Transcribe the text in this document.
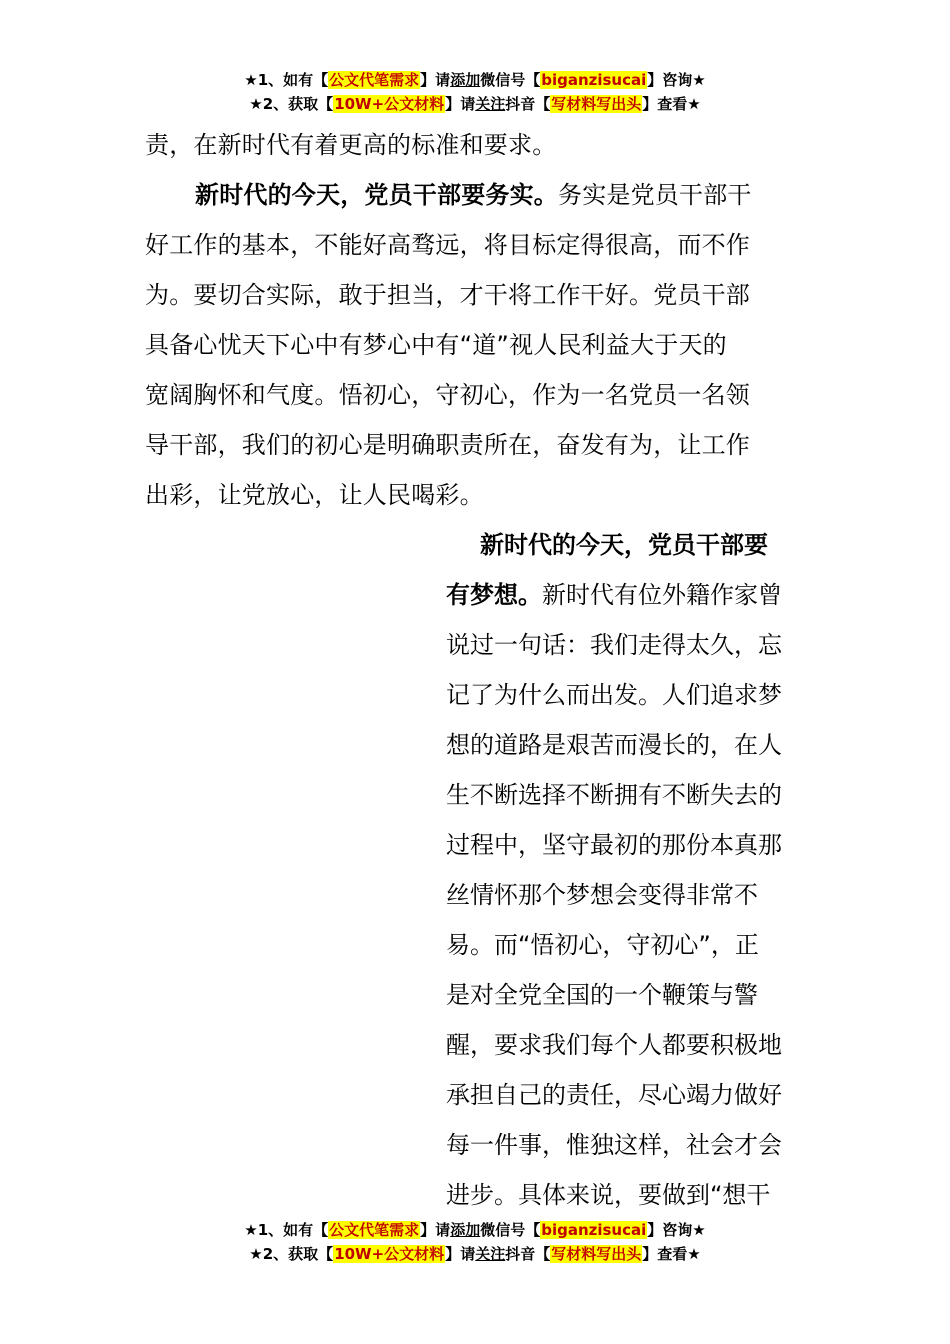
★1、如有【公文代笔需求】请添加微信号【biganzisucai】咨询★
★2、获取【10W+公文材料】请关注抖音【写材料写出头】查看★
责，在新时代有着更高的标准和要求。
新时代的今天，党员干部要务实。务实是党员干部干
好工作的基本，不能好高骛远，将目标定得很高，而不作
为。要切合实际，敢于担当，才干将工作干好。党员干部
具备心忧天下心中有梦心中有“道”视人民利益大于天的
宽阔胸怀和气度。悟初心，守初心，作为一名党员一名领
导干部，我们的初心是明确职责所在，奋发有为，让工作
出彩，让党放心，让人民喝彩。
新时代的今天，党员干部要
有梦想。新时代有位外籍作家曾
说过一句话：我们走得太久，忘
记了为什么而出发。人们追求梦
想的道路是艰苦而漫长的，在人
生不断选择不断拥有不断失去的
过程中，坚守最初的那份本真那
丝情怀那个梦想会变得非常不
易。而“悟初心，守初心”，正
是对全党全国的一个鞭策与警
醒，要求我们每个人都要积极地
承担自己的责任，尽心竭力做好
每一件事，惟独这样，社会才会
进步。具体来说，要做到“想干
★1、如有【公文代笔需求】请添加微信号【biganzisucai】咨询★
★2、获取【10W+公文材料】请关注抖音【写材料写出头】查看★
